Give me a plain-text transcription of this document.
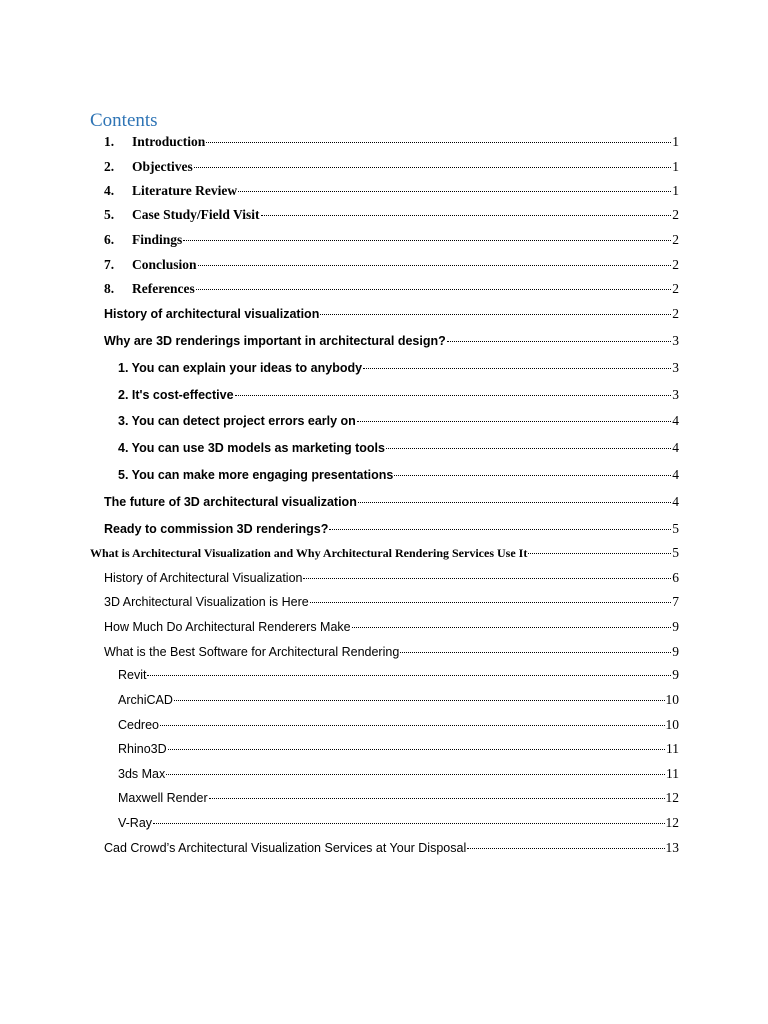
Contents
1.	Introduction	1
2.	Objectives	1
4.	Literature Review	1
5.	Case Study/Field Visit	2
6.	Findings	2
7.	Conclusion	2
8.	References	2
History of architectural visualization	2
Why are 3D renderings important in architectural design?	3
1. You can explain your ideas to anybody	3
2. It's cost-effective	3
3. You can detect project errors early on	4
4. You can use 3D models as marketing tools	4
5. You can make more engaging presentations	4
The future of 3D architectural visualization	4
Ready to commission 3D renderings?	5
What is Architectural Visualization and Why Architectural Rendering Services Use It	5
History of Architectural Visualization	6
3D Architectural Visualization is Here	7
How Much Do Architectural Renderers Make	9
What is the Best Software for Architectural Rendering	9
Revit	9
ArchiCAD	10
Cedreo	10
Rhino3D	11
3ds Max	11
Maxwell Render	12
V-Ray	12
Cad Crowd’s Architectural Visualization Services at Your Disposal	13
